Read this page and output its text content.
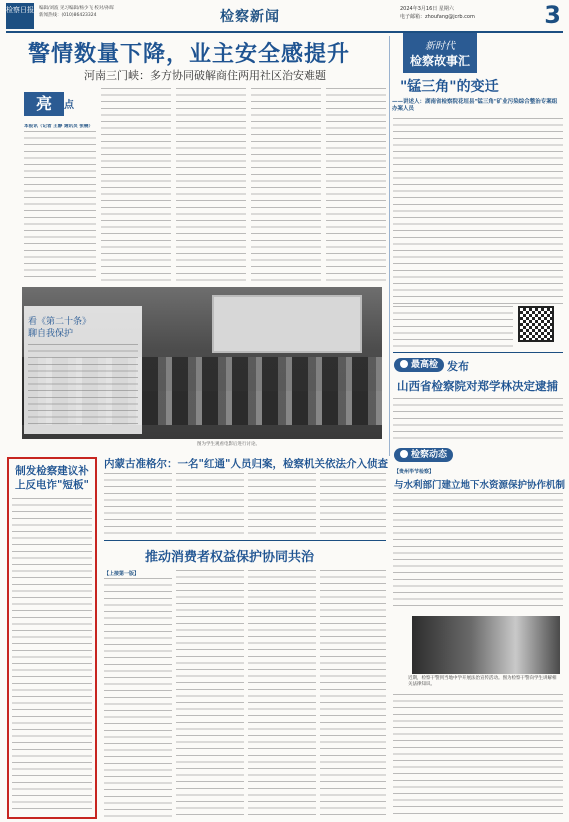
检察日报 编辑/刘波 见习编辑/杨少飞 校对/孙晖
新闻热线：(010)86423324	检察新闻	2024年3月16日 星期六
电子邮箱：zhoufang@jcrb.com	3
警情数量下降，业主安全感提升
河南三门峡：多方协同破解商住两用社区治安难题
亮	点
本报讯（记者 王静 通讯员 张楠）
新时代
检察故事汇
"锰三角"的变迁
——讲述人：湖南省检察院花垣县"锰三角"矿业污染综合整治专案组办案人员
看《第二十条》
聊自我保护
图为学生观看电影后进行讨论。
最高检 发布
山西省检察院对郑学林决定逮捕
检察动态
【贵州毕节检察】
与水利部门建立地下水资源保护协作机制
近期，检察干警到当地中学开展法治宣传活动。图为检察干警向学生讲解相关法律知识。
制发检察建议补上反电诈"短板"
内蒙古准格尔：一名"红通"人员归案，检察机关依法介入侦查
推动消费者权益保护协同共治
【上接第一版】
